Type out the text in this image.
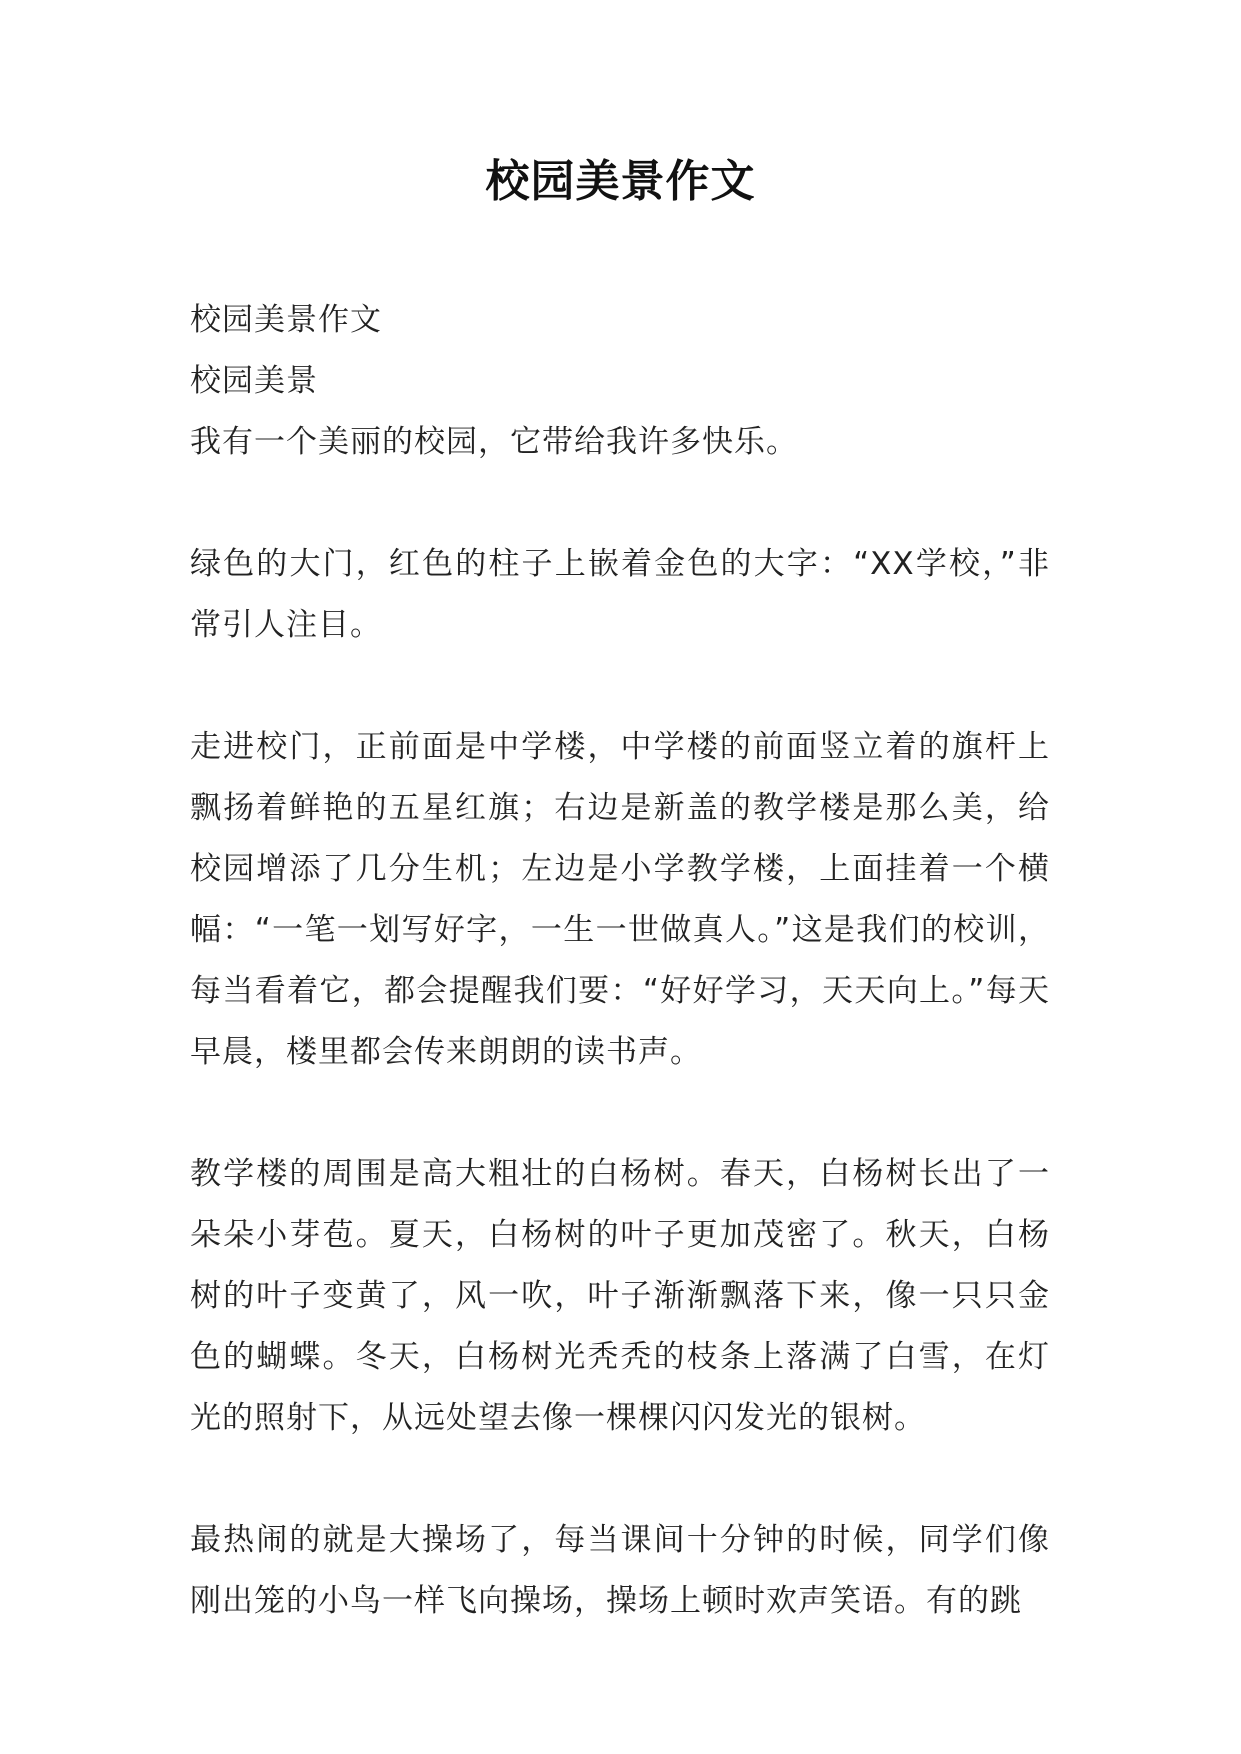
校园美景作文

校园美景作文

校园美景

我有一个美丽的校园，它带给我许多快乐。

绿色的大门，红色的柱子上嵌着金色的大字：“XX学校，”非常引人注目。

走进校门，正前面是中学楼，中学楼的前面竖立着的旗杆上飘扬着鲜艳的五星红旗；右边是新盖的教学楼是那么美，给校园增添了几分生机；左边是小学教学楼，上面挂着一个横幅：“一笔一划写好字，一生一世做真人。”这是我们的校训，每当看着它，都会提醒我们要：“好好学习，天天向上。”每天早晨，楼里都会传来朗朗的读书声。

教学楼的周围是高大粗壮的白杨树。春天，白杨树长出了一朵朵小芽苞。夏天，白杨树的叶子更加茂密了。秋天，白杨树的叶子变黄了，风一吹，叶子渐渐飘落下来，像一只只金色的蝴蝶。冬天，白杨树光秃秃的枝条上落满了白雪，在灯光的照射下，从远处望去像一棵棵闪闪发光的银树。

最热闹的就是大操场了，每当课间十分钟的时候，同学们像刚出笼的小鸟一样飞向操场，操场上顿时欢声笑语。有的跳
